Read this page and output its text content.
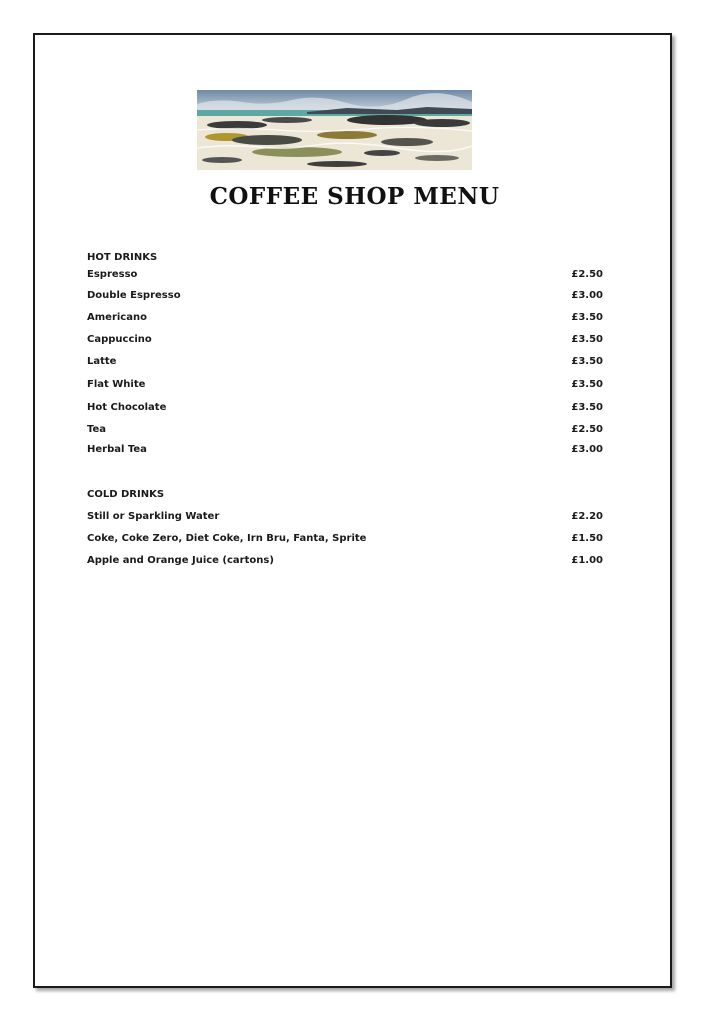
COFFEE SHOP MENU
HOT DRINKS
Espresso	£2.50
Double Espresso	£3.00
Americano	£3.50
Cappuccino	£3.50
Latte	£3.50
Flat White	£3.50
Hot Chocolate	£3.50
Tea	£2.50
Herbal Tea	£3.00
COLD DRINKS
Still or Sparkling Water	£2.20
Coke, Coke Zero, Diet Coke, Irn Bru, Fanta, Sprite	£1.50
Apple and Orange Juice (cartons)	£1.00
